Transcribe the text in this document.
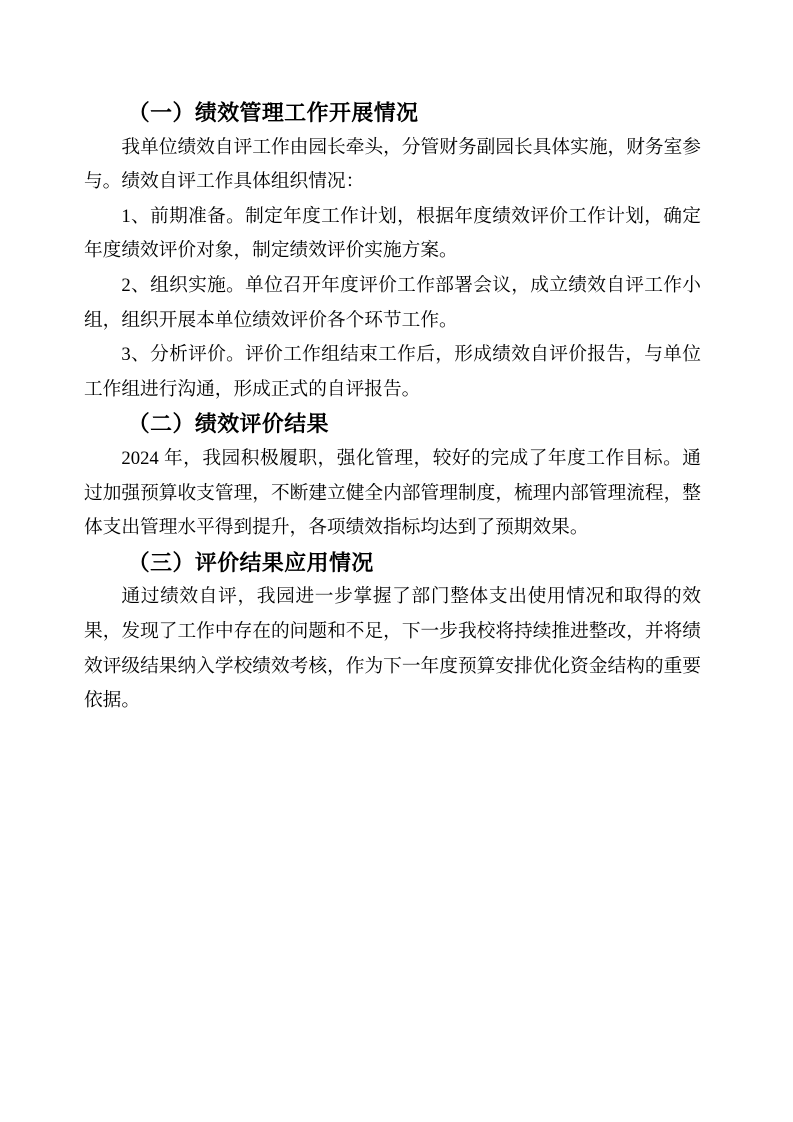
（一）绩效管理工作开展情况

我单位绩效自评工作由园长牵头，分管财务副园长具体实施，财务室参与。绩效自评工作具体组织情况：

1、前期准备。制定年度工作计划，根据年度绩效评价工作计划，确定年度绩效评价对象，制定绩效评价实施方案。

2、组织实施。单位召开年度评价工作部署会议，成立绩效自评工作小组，组织开展本单位绩效评价各个环节工作。

3、分析评价。评价工作组结束工作后，形成绩效自评价报告，与单位工作组进行沟通，形成正式的自评报告。

（二）绩效评价结果

2024 年，我园积极履职，强化管理，较好的完成了年度工作目标。通过加强预算收支管理，不断建立健全内部管理制度，梳理内部管理流程，整体支出管理水平得到提升，各项绩效指标均达到了预期效果。

（三）评价结果应用情况

通过绩效自评，我园进一步掌握了部门整体支出使用情况和取得的效果，发现了工作中存在的问题和不足，下一步我校将持续推进整改，并将绩效评级结果纳入学校绩效考核，作为下一年度预算安排优化资金结构的重要依据。
